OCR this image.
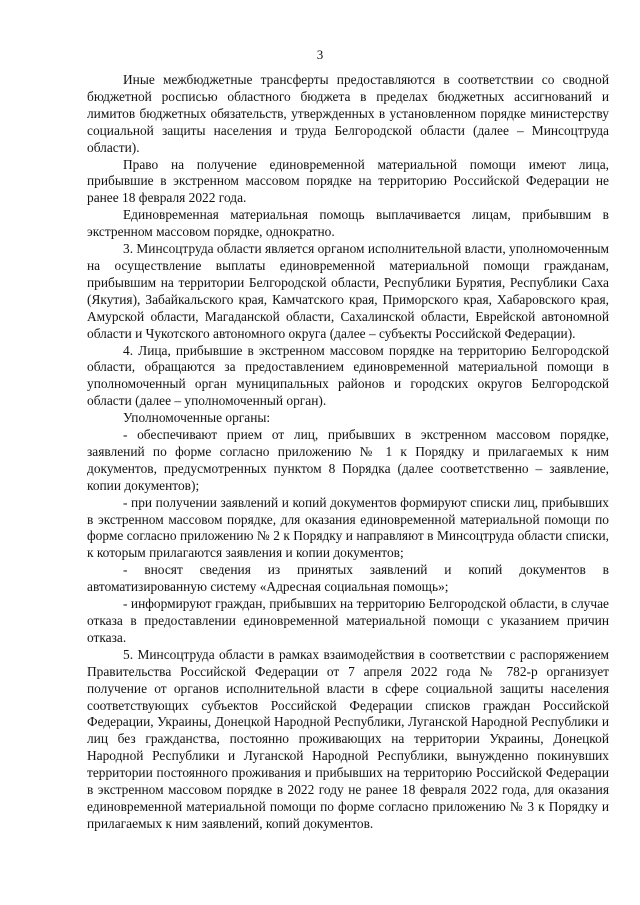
3

Иные межбюджетные трансферты предоставляются в соответствии со сводной бюджетной росписью областного бюджета в пределах бюджетных ассигнований и лимитов бюджетных обязательств, утвержденных в установленном порядке министерству социальной защиты населения и труда Белгородской области (далее – Минсоцтруда области).

Право на получение единовременной материальной помощи имеют лица, прибывшие в экстренном массовом порядке на территорию Российской Федерации не ранее 18 февраля 2022 года.

Единовременная материальная помощь выплачивается лицам, прибывшим в экстренном массовом порядке, однократно.

3. Минсоцтруда области является органом исполнительной власти, уполномоченным на осуществление выплаты единовременной материальной помощи гражданам, прибывшим на территории Белгородской области, Республики Бурятия, Республики Саха (Якутия), Забайкальского края, Камчатского края, Приморского края, Хабаровского края, Амурской области, Магаданской области, Сахалинской области, Еврейской автономной области и Чукотского автономного округа (далее – субъекты Российской Федерации).

4. Лица, прибывшие в экстренном массовом порядке на территорию Белгородской области, обращаются за предоставлением единовременной материальной помощи в уполномоченный орган муниципальных районов и городских округов Белгородской области (далее – уполномоченный орган).

Уполномоченные органы:

- обеспечивают прием от лиц, прибывших в экстренном массовом порядке, заявлений по форме согласно приложению № 1 к Порядку и прилагаемых к ним документов, предусмотренных пунктом 8 Порядка (далее соответственно – заявление, копии документов);

- при получении заявлений и копий документов формируют списки лиц, прибывших в экстренном массовом порядке, для оказания единовременной материальной помощи по форме согласно приложению № 2 к Порядку и направляют в Минсоцтруда области списки, к которым прилагаются заявления и копии документов;

- вносят сведения из принятых заявлений и копий документов в автоматизированную систему «Адресная социальная помощь»;

- информируют граждан, прибывших на территорию Белгородской области, в случае отказа в предоставлении единовременной материальной помощи с указанием причин отказа.

5. Минсоцтруда области в рамках взаимодействия в соответствии с распоряжением Правительства Российской Федерации от 7 апреля 2022 года № 782-р организует получение от органов исполнительной власти в сфере социальной защиты населения соответствующих субъектов Российской Федерации списков граждан Российской Федерации, Украины, Донецкой Народной Республики, Луганской Народной Республики и лиц без гражданства, постоянно проживающих на территории Украины, Донецкой Народной Республики и Луганской Народной Республики, вынужденно покинувших территории постоянного проживания и прибывших на территорию Российской Федерации в экстренном массовом порядке в 2022 году не ранее 18 февраля 2022 года, для оказания единовременной материальной помощи по форме согласно приложению № 3 к Порядку и прилагаемых к ним заявлений, копий документов.
